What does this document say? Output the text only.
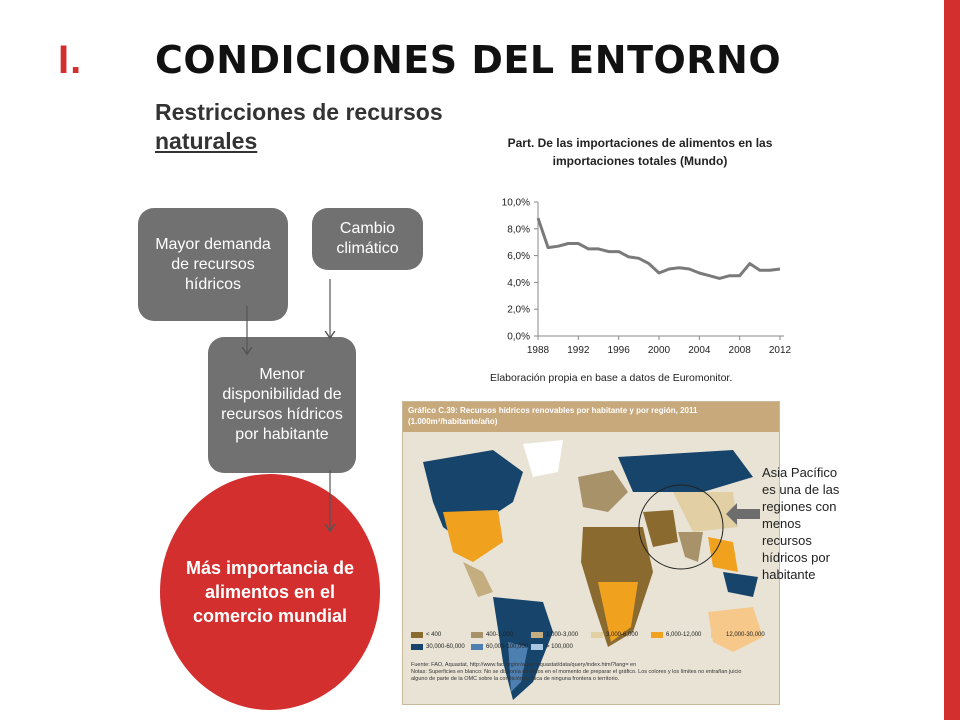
I. CONDICIONES DEL ENTORNO
Restricciones de recursos
naturales
Mayor demanda de recursos hídricos
Cambio climático
Menor disponibilidad de recursos hídricos por habitante
Más importancia de alimentos en el comercio mundial
Part. De las importaciones de alimentos en las importaciones totales (Mundo)
0,0%
2,0%
4,0%
6,0%
8,0%
10,0%
1988 1992 1996 2000 2004 2008 2012
Elaboración propia en base a datos de Euromonitor.
Gráfico C.39: Recursos hídricos renovables por habitante y por región, 2011
(1.000m³/habitante/año)
< 400	400-1,000	1,000-3,000	3,000-6,000	6,000-12,000	12,000-30,000
30,000-60,000	60,000-100,000	> 100,000
Fuente: FAO, Aquastat, http://www.fao.org/nr/water/aquastat/data/query/index.html?lang= en
Notas: Superficies en blanco: No se disponía de datos en el momento de preparar el gráfico. Los colores y los límites no entrañan juicio
alguno de parte de la OMC sobre la condición jurídica de ninguna frontera o territorio.
Asia Pacífico es una de las regiones con menos recursos hídricos por habitante
